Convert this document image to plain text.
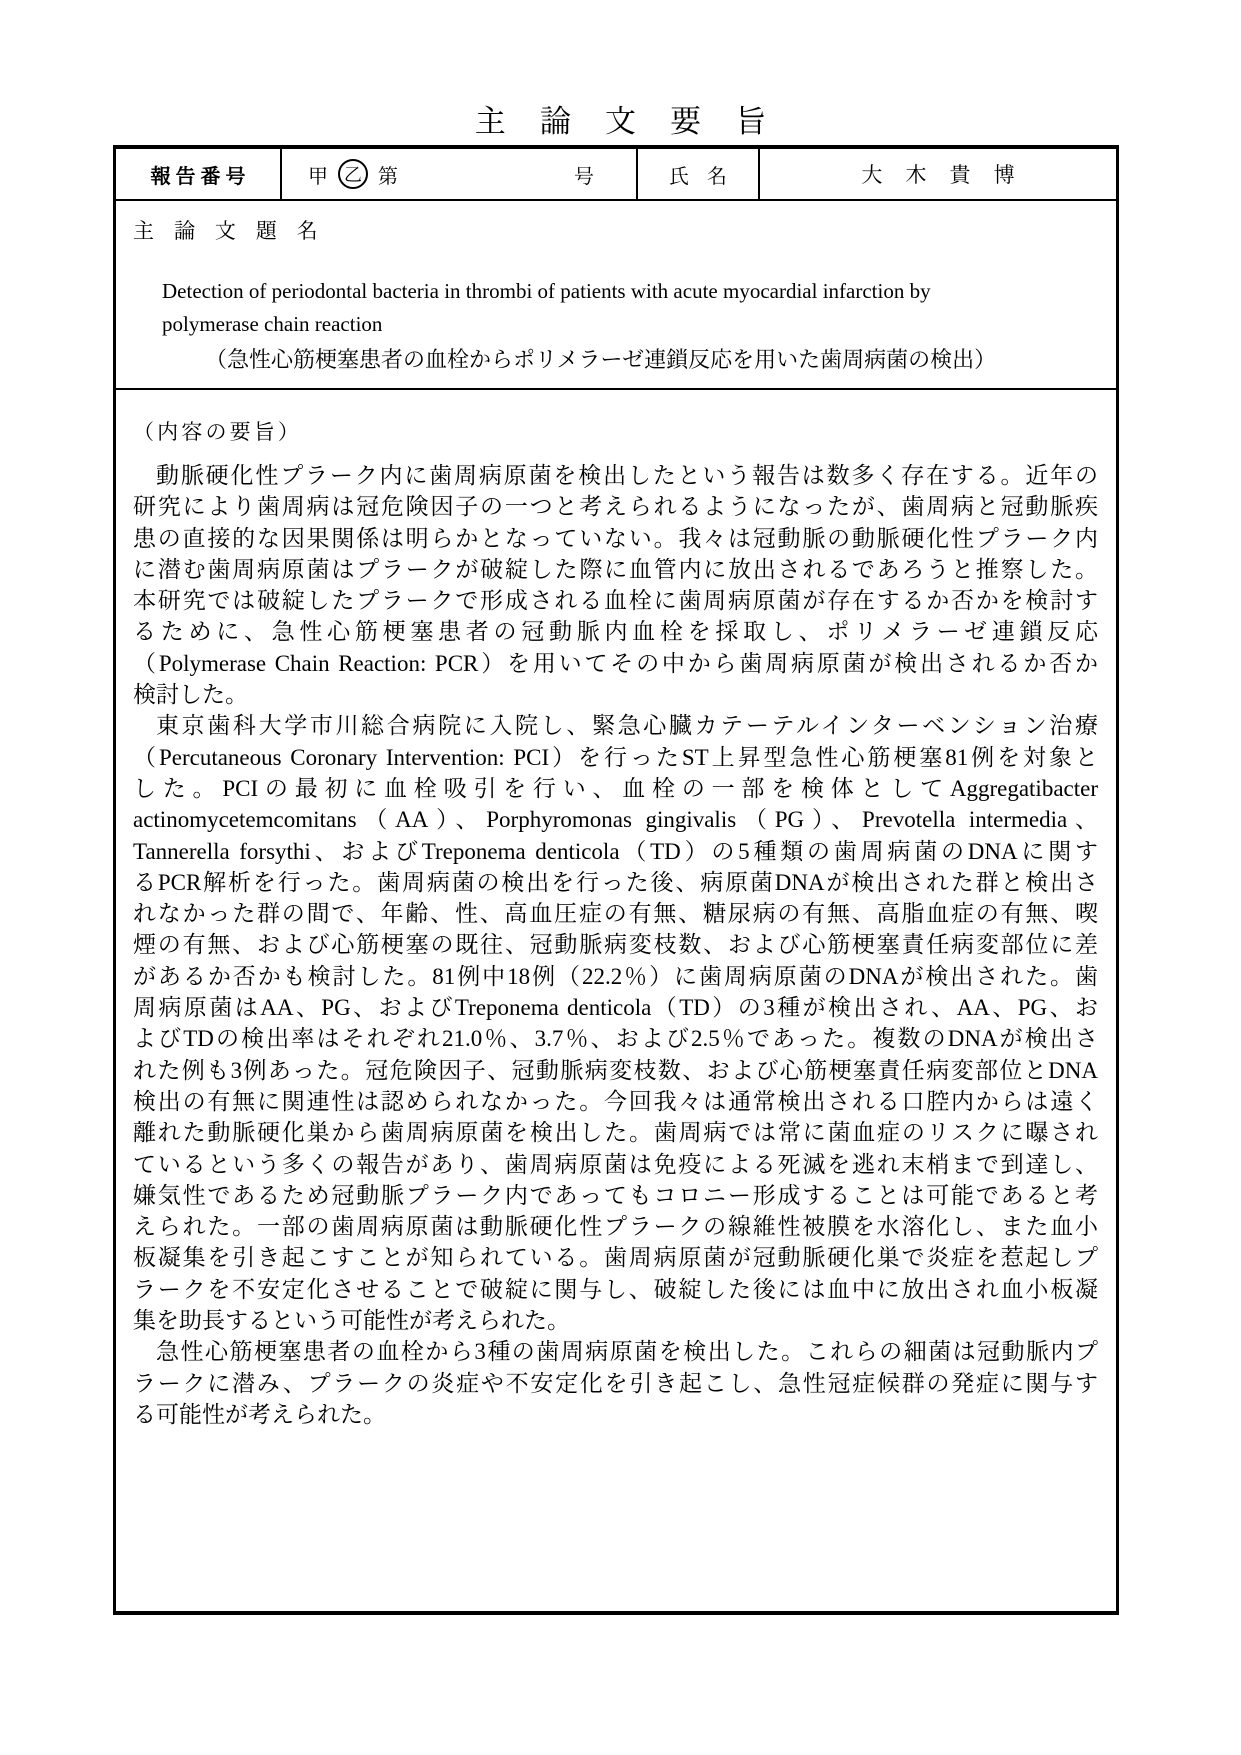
主論文要旨
報告番号	甲 乙 第	号	氏名	大木貴博
主 論 文 題 名
Detection of periodontal bacteria in thrombi of patients with acute myocardial infarction by
polymerase chain reaction
（急性心筋梗塞患者の血栓からポリメラーゼ連鎖反応を用いた歯周病菌の検出）
（内容の要旨）
動脈硬化性プラーク内に歯周病原菌を検出したという報告は数多く存在する。近年の
研究により歯周病は冠危険因子の一つと考えられるようになったが、歯周病と冠動脈疾
患の直接的な因果関係は明らかとなっていない。我々は冠動脈の動脈硬化性プラーク内
に潜む歯周病原菌はプラークが破綻した際に血管内に放出されるであろうと推察した。
本研究では破綻したプラークで形成される血栓に歯周病原菌が存在するか否かを検討す
るために、急性心筋梗塞患者の冠動脈内血栓を採取し、ポリメラーゼ連鎖反応
（Polymerase Chain Reaction: PCR）を用いてその中から歯周病原菌が検出されるか否か
検討した。
東京歯科大学市川総合病院に入院し、緊急心臓カテーテルインターベンション治療
（Percutaneous Coronary Intervention: PCI）を行ったST上昇型急性心筋梗塞81例を対象と
した。PCIの最初に血栓吸引を行い、血栓の一部を検体としてAggregatibacter
actinomycetemcomitans（AA）、Porphyromonas gingivalis（PG）、Prevotella intermedia、
Tannerella forsythi、およびTreponema denticola（TD）の5種類の歯周病菌のDNAに関す
るPCR解析を行った。歯周病菌の検出を行った後、病原菌DNAが検出された群と検出さ
れなかった群の間で、年齢、性、高血圧症の有無、糖尿病の有無、高脂血症の有無、喫
煙の有無、および心筋梗塞の既往、冠動脈病変枝数、および心筋梗塞責任病変部位に差
があるか否かも検討した。81例中18例（22.2％）に歯周病原菌のDNAが検出された。歯
周病原菌はAA、PG、およびTreponema denticola（TD）の3種が検出され、AA、PG、お
よびTDの検出率はそれぞれ21.0％、3.7％、および2.5％であった。複数のDNAが検出さ
れた例も3例あった。冠危険因子、冠動脈病変枝数、および心筋梗塞責任病変部位とDNA
検出の有無に関連性は認められなかった。今回我々は通常検出される口腔内からは遠く
離れた動脈硬化巣から歯周病原菌を検出した。歯周病では常に菌血症のリスクに曝され
ているという多くの報告があり、歯周病原菌は免疫による死滅を逃れ末梢まで到達し、
嫌気性であるため冠動脈プラーク内であってもコロニー形成することは可能であると考
えられた。一部の歯周病原菌は動脈硬化性プラークの線維性被膜を水溶化し、また血小
板凝集を引き起こすことが知られている。歯周病原菌が冠動脈硬化巣で炎症を惹起しプ
ラークを不安定化させることで破綻に関与し、破綻した後には血中に放出され血小板凝
集を助長するという可能性が考えられた。
急性心筋梗塞患者の血栓から3種の歯周病原菌を検出した。これらの細菌は冠動脈内プ
ラークに潜み、プラークの炎症や不安定化を引き起こし、急性冠症候群の発症に関与す
る可能性が考えられた。
